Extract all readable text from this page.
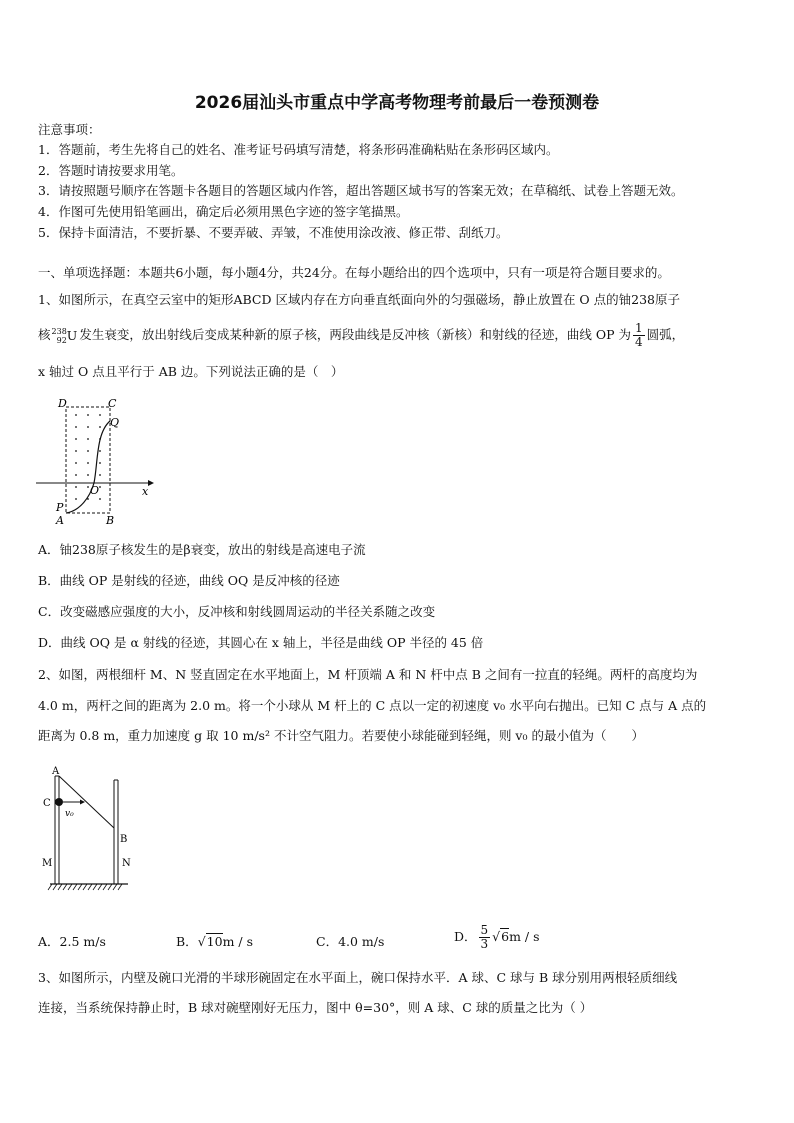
2026届汕头市重点中学高考物理考前最后一卷预测卷
注意事项：
1．答题前，考生先将自己的姓名、准考证号码填写清楚，将条形码准确粘贴在条形码区域内。
2．答题时请按要求用笔。
3．请按照题号顺序在答题卡各题目的答题区域内作答，超出答题区域书写的答案无效；在草稿纸、试卷上答题无效。
4．作图可先使用铅笔画出，确定后必须用黑色字迹的签字笔描黑。
5．保持卡面清洁，不要折暴、不要弄破、弄皱，不准使用涂改液、修正带、刮纸刀。
一、单项选择题：本题共6小题，每小题4分，共24分。在每小题给出的四个选项中，只有一项是符合题目要求的。
1、如图所示，在真空云室中的矩形ABCD 区域内存在方向垂直纸面向外的匀强磁场，静止放置在 O 点的铀238原子
核 238
92 U 发生衰变，放出射线后变成某种新的原子核，两段曲线是反冲核（新核）和射线的径迹，曲线 OP 为 $\frac{1}{4}$ 圆弧，
x 轴过 O 点且平行于 AB 边。下列说法正确的是（　）
D	C
Q
O	x
P
A	B
A．铀238原子核发生的是β衰变，放出的射线是高速电子流
B．曲线 OP 是射线的径迹，曲线 OQ 是反冲核的径迹
C．改变磁感应强度的大小，反冲核和射线圆周运动的半径关系随之改变
D．曲线 OQ 是 α 射线的径迹，其圆心在 x 轴上，半径是曲线 OP 半径的 45 倍
2、如图，两根细杆 M、N 竖直固定在水平地面上，M 杆顶端 A 和 N 杆中点 B 之间有一拉直的轻绳。两杆的高度均为
4.0 m，两杆之间的距离为 2.0 m。将一个小球从 M 杆上的 C 点以一定的初速度 v₀ 水平向右抛出。已知 C 点与 A 点的
距离为 0.8 m，重力加速度 g 取 10 m/s² 不计空气阻力。若要使小球能碰到轻绳，则 v₀ 的最小值为（　　）
A
C
v₀
B
M	N
A．2.5 m/s	B．√10m / s	C．4.0 m/s	D． $\frac{5}{3} √6m$ / s
3、如图所示，内壁及碗口光滑的半球形碗固定在水平面上，碗口保持水平．A 球、C 球与 B 球分别用两根轻质细线
连接，当系统保持静止时，B 球对碗壁刚好无压力，图中 θ=30°，则 A 球、C 球的质量之比为（ ）
